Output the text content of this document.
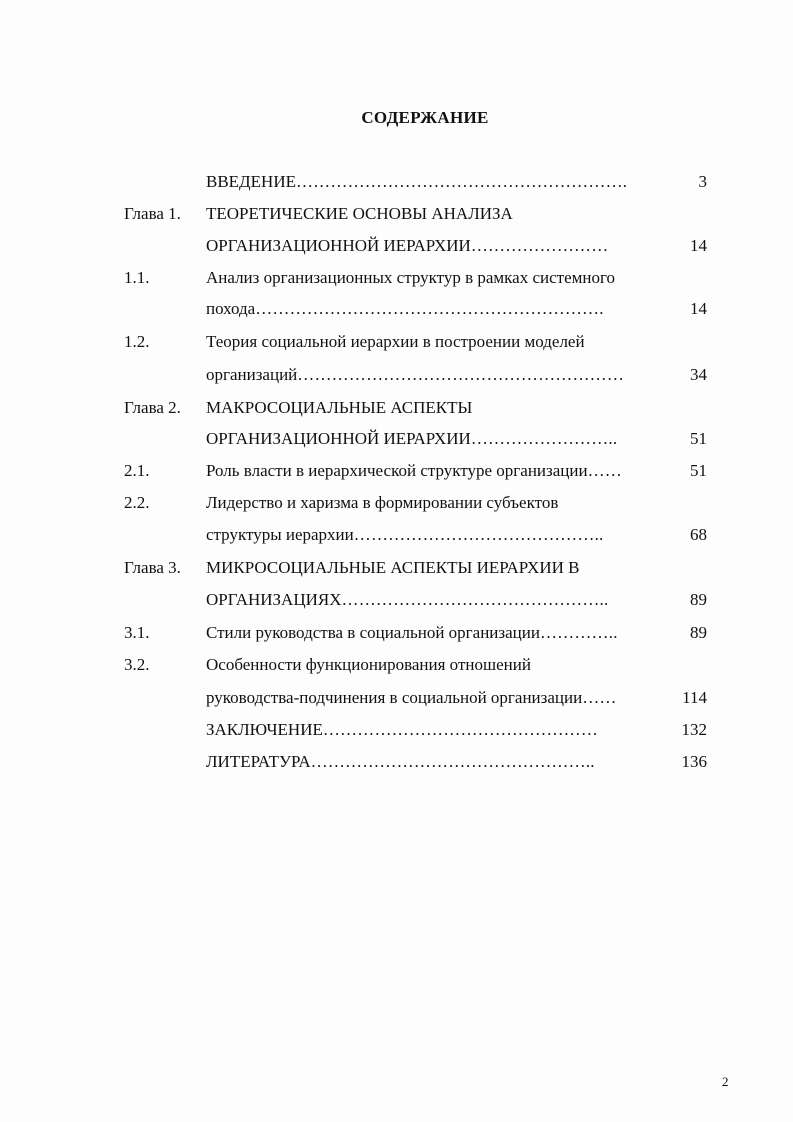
СОДЕРЖАНИЕ
ВВЕДЕНИЕ………………………………………………….	3
Глава 1. ТЕОРЕТИЧЕСКИЕ ОСНОВЫ АНАЛИЗА
ОРГАНИЗАЦИОННОЙ ИЕРАРХИИ……………………	14
1.1.	Анализ организационных структур в рамках системного
похода…………………………………………………….	14
1.2.	Теория социальной иерархии в построении моделей
организаций…………………………………………………	34
Глава 2. МАКРОСОЦИАЛЬНЫЕ АСПЕКТЫ
ОРГАНИЗАЦИОННОЙ ИЕРАРХИИ……………………..	51
2.1.	Роль власти в иерархической структуре организации……	51
2.2.	Лидерство и харизма в формировании субъектов
структуры иерархии……………………………………..	68
Глава 3. МИКРОСОЦИАЛЬНЫЕ АСПЕКТЫ ИЕРАРХИИ В
ОРГАНИЗАЦИЯХ………………………………………..	89
3.1.	Стили руководства в социальной организации…………..	89
3.2.	Особенности функционирования отношений
руководства-подчинения в социальной организации……	114
ЗАКЛЮЧЕНИЕ…………………………………………	132
ЛИТЕРАТУРА…………………………………………..	136
2
